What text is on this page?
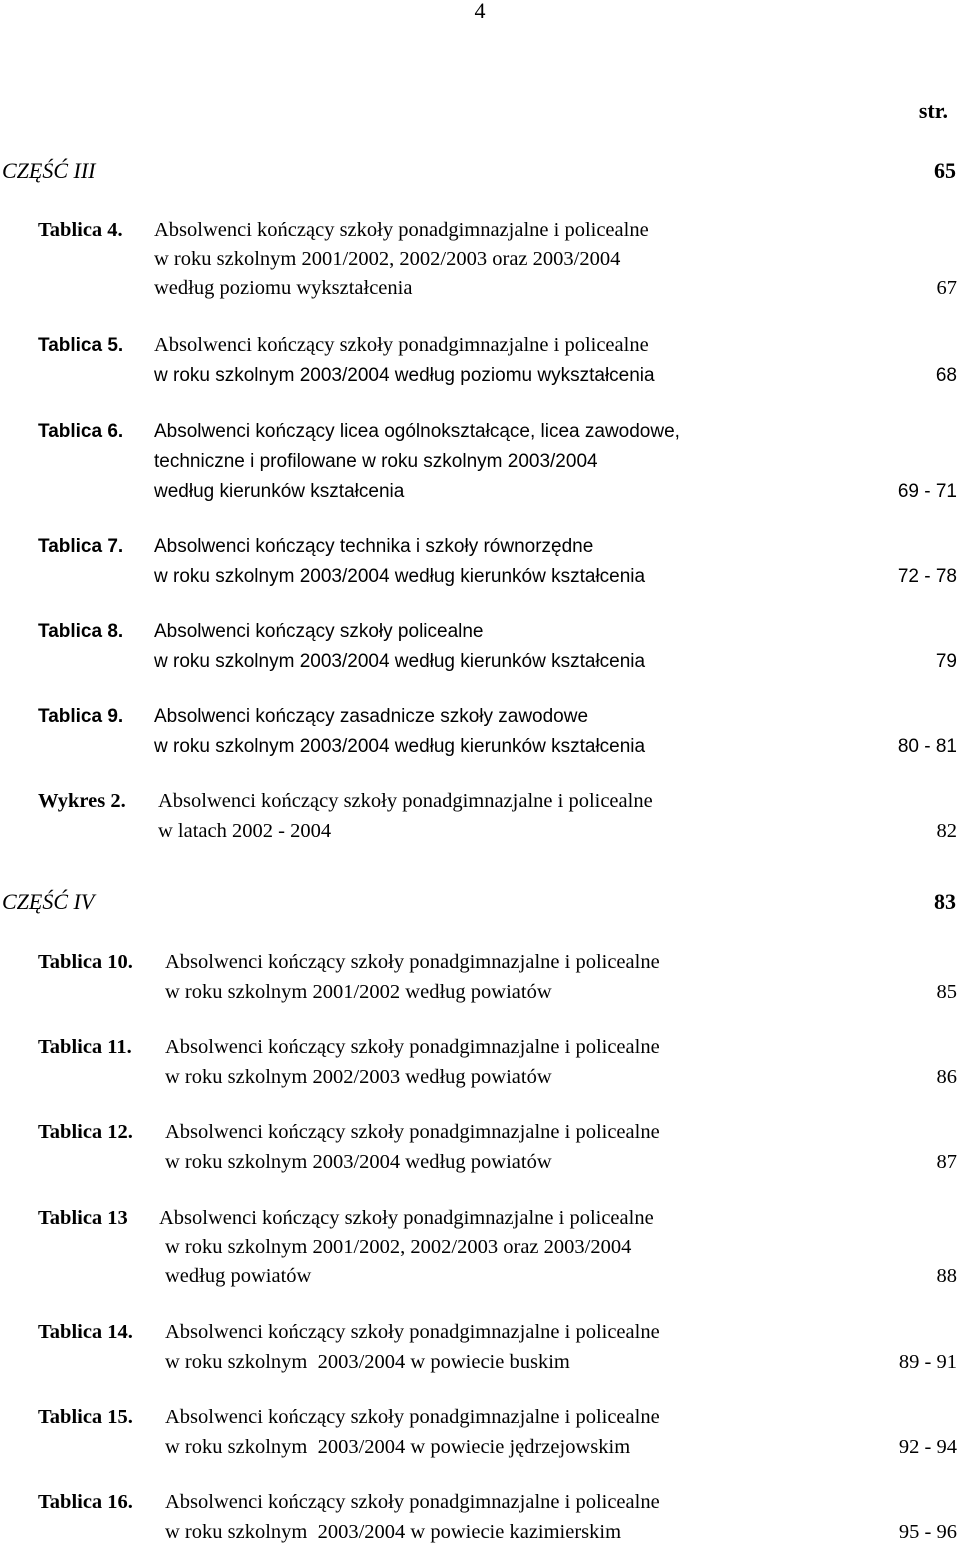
4
str.
CZĘŚĆ III	65
Tablica 4. Absolwenci kończący szkoły ponadgimnazjalne i policealne
w roku szkolnym 2001/2002, 2002/2003 oraz 2003/2004
według poziomu wykształcenia	67
Tablica 5. Absolwenci kończący szkoły ponadgimnazjalne i policealne
w roku szkolnym 2003/2004 według poziomu wykształcenia	68
Tablica 6. Absolwenci kończący licea ogólnokształcące, licea zawodowe,
techniczne i profilowane w roku szkolnym 2003/2004
według kierunków kształcenia	69 - 71
Tablica 7. Absolwenci kończący technika i szkoły równorzędne
w roku szkolnym 2003/2004 według kierunków kształcenia	72 - 78
Tablica 8. Absolwenci kończący szkoły policealne
w roku szkolnym 2003/2004 według kierunków kształcenia	79
Tablica 9. Absolwenci kończący zasadnicze szkoły zawodowe
w roku szkolnym 2003/2004 według kierunków kształcenia	80 - 81
Wykres 2. Absolwenci kończący szkoły ponadgimnazjalne i policealne
w latach 2002 - 2004	82
CZĘŚĆ IV	83
Tablica 10. Absolwenci kończący szkoły ponadgimnazjalne i policealne
w roku szkolnym 2001/2002 według powiatów	85
Tablica 11. Absolwenci kończący szkoły ponadgimnazjalne i policealne
w roku szkolnym 2002/2003 według powiatów	86
Tablica 12. Absolwenci kończący szkoły ponadgimnazjalne i policealne
w roku szkolnym 2003/2004 według powiatów	87
Tablica 13 Absolwenci kończący szkoły ponadgimnazjalne i policealne
w roku szkolnym 2001/2002, 2002/2003 oraz 2003/2004
według powiatów	88
Tablica 14. Absolwenci kończący szkoły ponadgimnazjalne i policealne
w roku szkolnym  2003/2004 w powiecie buskim	89 - 91
Tablica 15. Absolwenci kończący szkoły ponadgimnazjalne i policealne
w roku szkolnym  2003/2004 w powiecie jędrzejowskim	92 - 94
Tablica 16. Absolwenci kończący szkoły ponadgimnazjalne i policealne
w roku szkolnym  2003/2004 w powiecie kazimierskim	95 - 96
